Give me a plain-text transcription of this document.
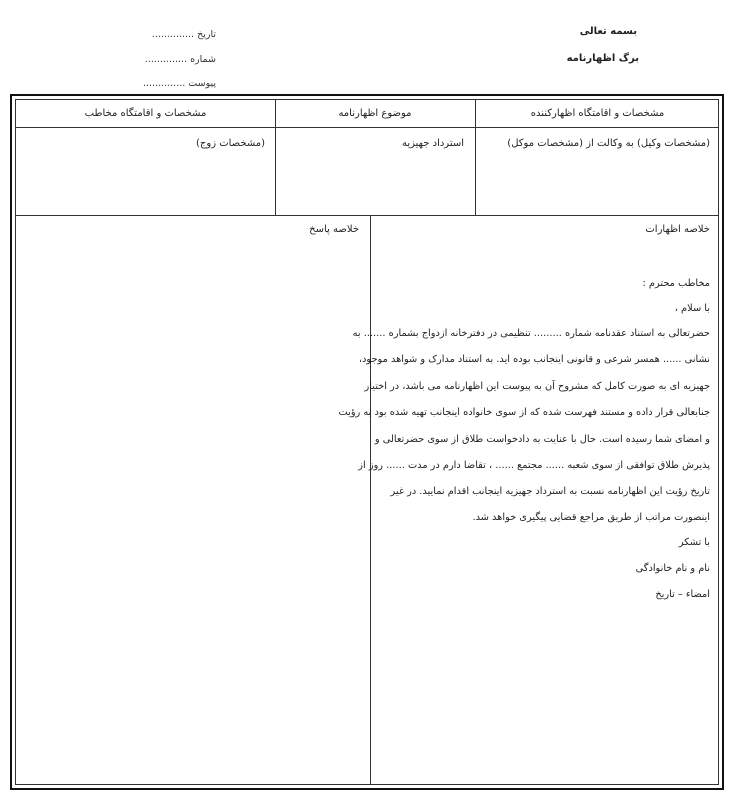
بسمه تعالی
برگ اظهارنامه
تاریخ ..............
شماره ..............
پیوست ..............
مشخصات و اقامتگاه اظهارکننده
موضوع اظهارنامه
مشخصات و اقامتگاه مخاطب
(مشخصات وکیل) به وکالت از (مشخصات موکل)
استرداد جهیزیه
(مشخصات زوج)
خلاصه اظهارات
مخاطب محترم :
با سلام ،
حضرتعالی به استناد عقدنامه شماره ......... تنظیمی در دفترخانه ازدواج بشماره ....... به
نشانی ...... همسر شرعی و قانونی اینجانب بوده اید. به استناد مدارک و شواهد موجود،
جهیزیه ای به صورت کامل که مشروح آن به پیوست این اظهارنامه می باشد، در اختیار
جنابعالی قرار داده و مستند فهرست شده که از سوی خانواده اینجانب تهیه شده بود به رؤیت
و امضای شما رسیده است. حال با عنایت به دادخواست طلاق از سوی حضرتعالی و
پذیرش طلاق توافقی از سوی شعبه ...... مجتمع ...... ، تقاضا دارم در مدت ...... روز از
تاریخ رؤیت این اظهارنامه نسبت به استرداد جهیزیه اینجانب اقدام نمایید. در غیر
اینصورت مراتب از طریق مراجع قضایی پیگیری خواهد شد.
با تشکر
نام و نام خانوادگی
امضاء – تاریخ
خلاصه پاسخ
